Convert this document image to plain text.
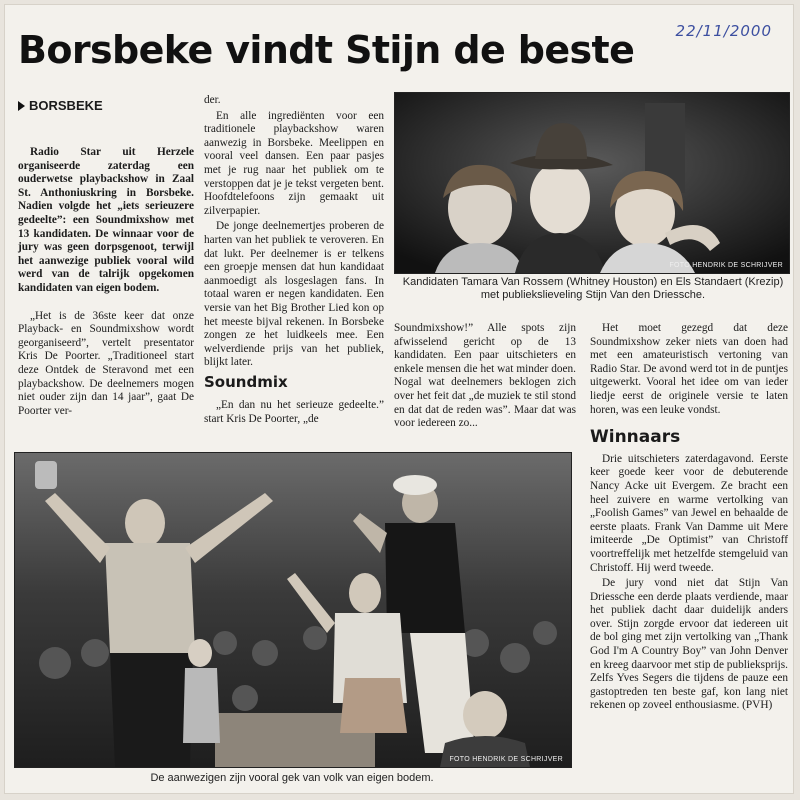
22/11/2000
Borsbeke vindt Stijn de beste
BORSBEKE

Radio Star uit Herzele organiseerde zaterdag een ouderwetse playbackshow in Zaal St. Anthoniuskring in Borsbeke. Nadien volgde het „iets serieuzere gedeelte”: een Soundmixshow met 13 kandidaten. De winnaar voor de jury was geen dorpsgenoot, terwijl het aanwezige publiek vooral wild werd van de talrijk opgekomen kandidaten van eigen bodem.

„Het is de 36ste keer dat onze Playback- en Soundmixshow wordt georganiseerd”, vertelt presentator Kris De Poorter. „Traditioneel start deze Ontdek de Steravond met een playbackshow. De deelnemers mogen niet ouder zijn dan 14 jaar”, gaat De Poorter ver-

der.

En alle ingrediënten voor een traditionele playbackshow waren aanwezig in Borsbeke. Meelippen en vooral veel dansen. Een paar pasjes met je rug naar het publiek om te verstoppen dat je je tekst vergeten bent. Hoofdtelefoons zijn gemaakt uit zilverpapier.

De jonge deelnemertjes proberen de harten van het publiek te veroveren. En dat lukt. Per deelnemer is er telkens een groepje mensen dat hun kandidaat aanmoedigt als losgeslagen fans. In totaal waren er negen kandidaten. Een versie van het Big Brother Lied kon op het meeste bijval rekenen. In Borsbeke zongen ze het luidkeels mee. Een welverdiende prijs van het publiek, blijkt later.

Soundmix

„En dan nu het serieuze gedeelte.” start Kris De Poorter, „de

FOTO HENDRIK DE SCHRIJVER
Kandidaten Tamara Van Rossem (Whitney Houston) en Els Standaert (Krezip) met publiekslieveling Stijn Van den Driessche.

Soundmixshow!” Alle spots zijn afwisselend gericht op de 13 kandidaten. Een paar uitschieters en enkele mensen die het wat minder doen. Nogal wat deelnemers beklogen zich over het feit dat „de muziek te stil stond en dat dat de reden was”. Maar dat was voor iedereen zo...

Het moet gezegd dat deze Soundmixshow zeker niets van doen had met een amateuristisch vertoning van Radio Star. De avond werd tot in de puntjes uitgewerkt. Vooral het idee om van ieder liedje eerst de originele versie te laten horen, was een leuke vondst.

Winnaars

Drie uitschieters zaterdagavond. Eerste keer goede keer voor de debuterende Nancy Acke uit Evergem. Ze bracht een heel zuivere en warme vertolking van „Foolish Games” van Jewel en behaalde de eerste plaats. Frank Van Damme uit Mere imiteerde „De Optimist” van Christoff voortreffelijk met hetzelfde stemgeluid van Christoff. Hij werd tweede.

De jury vond niet dat Stijn Van Driessche een derde plaats verdiende, maar het publiek dacht daar duidelijk anders over. Stijn zorgde ervoor dat iedereen uit de bol ging met zijn vertolking van „Thank God I'm A Country Boy” van John Denver en kreeg daarvoor met stip de publieksprijs. Zelfs Yves Segers die tijdens de pauze een gastoptreden ten beste gaf, kon lang niet rekenen op zoveel enthousiasme. (PVH)

FOTO HENDRIK DE SCHRIJVER
De aanwezigen zijn vooral gek van volk van eigen bodem.
